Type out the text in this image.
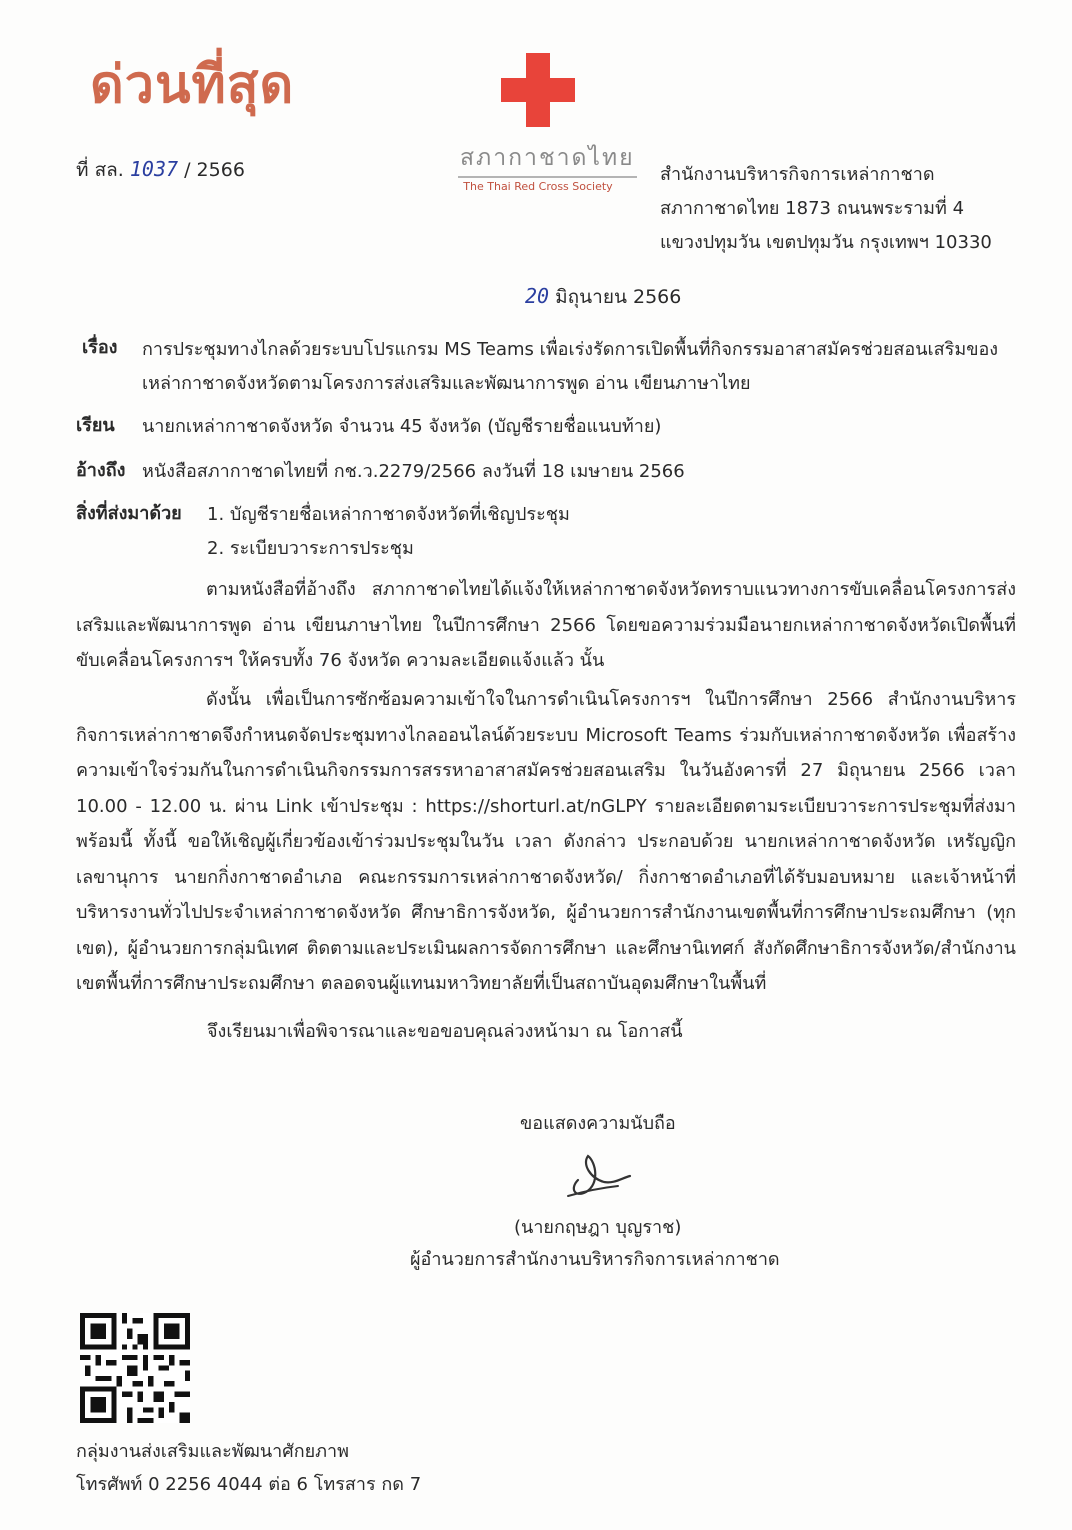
ด่วนที่สุด
ที่ สล. 1037 / 2566	สภากาชาดไทย
The Thai Red Cross Society
สำนักงานบริหารกิจการเหล่ากาชาด
สภากาชาดไทย 1873 ถนนพระรามที่ 4
แขวงปทุมวัน เขตปทุมวัน กรุงเทพฯ 10330
20 มิถุนายน 2566
เรื่อง การประชุมทางไกลด้วยระบบโปรแกรม MS Teams เพื่อเร่งรัดการเปิดพื้นที่กิจกรรมอาสาสมัครช่วยสอนเสริมของ
เหล่ากาชาดจังหวัดตามโครงการส่งเสริมและพัฒนาการพูด อ่าน เขียนภาษาไทย
เรียน นายกเหล่ากาชาดจังหวัด จำนวน 45 จังหวัด (บัญชีรายชื่อแนบท้าย)
อ้างถึง หนังสือสภากาชาดไทยที่ กช.ว.2279/2566 ลงวันที่ 18 เมษายน 2566
สิ่งที่ส่งมาด้วย 1. บัญชีรายชื่อเหล่ากาชาดจังหวัดที่เชิญประชุม
2. ระเบียบวาระการประชุม
ตามหนังสือที่อ้างถึง สภากาชาดไทยได้แจ้งให้เหล่ากาชาดจังหวัดทราบแนวทางการขับเคลื่อนโครงการส่งเสริมและพัฒนาการพูด อ่าน เขียนภาษาไทย ในปีการศึกษา 2566 โดยขอความร่วมมือนายกเหล่ากาชาดจังหวัดเปิดพื้นที่ขับเคลื่อนโครงการฯ ให้ครบทั้ง 76 จังหวัด ความละเอียดแจ้งแล้ว นั้น
ดังนั้น เพื่อเป็นการซักซ้อมความเข้าใจในการดำเนินโครงการฯ ในปีการศึกษา 2566 สำนักงานบริหารกิจการเหล่ากาชาดจึงกำหนดจัดประชุมทางไกลออนไลน์ด้วยระบบ Microsoft Teams ร่วมกับเหล่ากาชาดจังหวัด เพื่อสร้างความเข้าใจร่วมกันในการดำเนินกิจกรรมการสรรหาอาสาสมัครช่วยสอนเสริม ในวันอังคารที่ 27 มิถุนายน 2566 เวลา 10.00 - 12.00 น. ผ่าน Link เข้าประชุม : https://shorturl.at/nGLPY รายละเอียดตามระเบียบวาระการประชุมที่ส่งมาพร้อมนี้ ทั้งนี้ ขอให้เชิญผู้เกี่ยวข้องเข้าร่วมประชุมในวัน เวลา ดังกล่าว ประกอบด้วย นายกเหล่ากาชาดจังหวัด เหรัญญิก เลขานุการ นายกกิ่งกาชาดอำเภอ คณะกรรมการเหล่ากาชาดจังหวัด/ กิ่งกาชาดอำเภอที่ได้รับมอบหมาย และเจ้าหน้าที่บริหารงานทั่วไปประจำเหล่ากาชาดจังหวัด ศึกษาธิการจังหวัด, ผู้อำนวยการสำนักงานเขตพื้นที่การศึกษาประถมศึกษา (ทุกเขต), ผู้อำนวยการกลุ่มนิเทศ ติดตามและประเมินผลการจัดการศึกษา และศึกษานิเทศก์ สังกัดศึกษาธิการจังหวัด/สำนักงานเขตพื้นที่การศึกษาประถมศึกษา ตลอดจนผู้แทนมหาวิทยาลัยที่เป็นสถาบันอุดมศึกษาในพื้นที่
จึงเรียนมาเพื่อพิจารณาและขอขอบคุณล่วงหน้ามา ณ โอกาสนี้
ขอแสดงความนับถือ
(นายกฤษฎา บุญราช)
ผู้อำนวยการสำนักงานบริหารกิจการเหล่ากาชาด
กลุ่มงานส่งเสริมและพัฒนาศักยภาพ
โทรศัพท์ 0 2256 4044 ต่อ 6 โทรสาร กด 7
